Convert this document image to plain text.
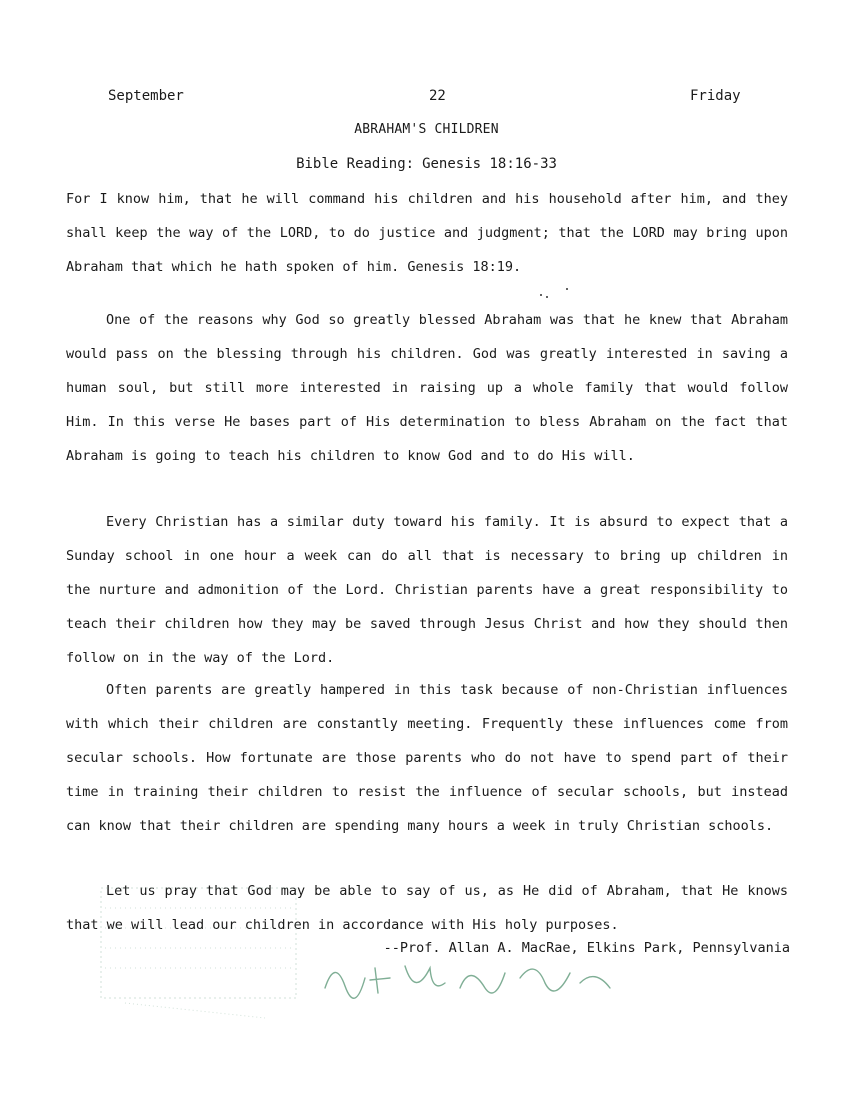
September	22	Friday
ABRAHAM'S CHILDREN
Bible Reading: Genesis 18:16-33

For I know him, that he will command his children and his household after him, and they shall keep the way of the LORD, to do justice and judgment; that the LORD may bring upon Abraham that which he hath spoken of him. Genesis 18:19.

One of the reasons why God so greatly blessed Abraham was that he knew that Abraham would pass on the blessing through his children. God was greatly interested in saving a human soul, but still more interested in raising up a whole family that would follow Him. In this verse He bases part of His determination to bless Abraham on the fact that Abraham is going to teach his children to know God and to do His will.

Every Christian has a similar duty toward his family. It is absurd to expect that a Sunday school in one hour a week can do all that is necessary to bring up children in the nurture and admonition of the Lord. Christian parents have a great responsibility to teach their children how they may be saved through Jesus Christ and how they should then follow on in the way of the Lord.

Often parents are greatly hampered in this task because of non-Christian influences with which their children are constantly meeting. Frequently these influences come from secular schools. How fortunate are those parents who do not have to spend part of their time in training their children to resist the influence of secular schools, but instead can know that their children are spending many hours a week in truly Christian schools.

Let us pray that God may be able to say of us, as He did of Abraham, that He knows that we will lead our children in accordance with His holy purposes.

--Prof. Allan A. MacRae, Elkins Park, Pennsylvania
